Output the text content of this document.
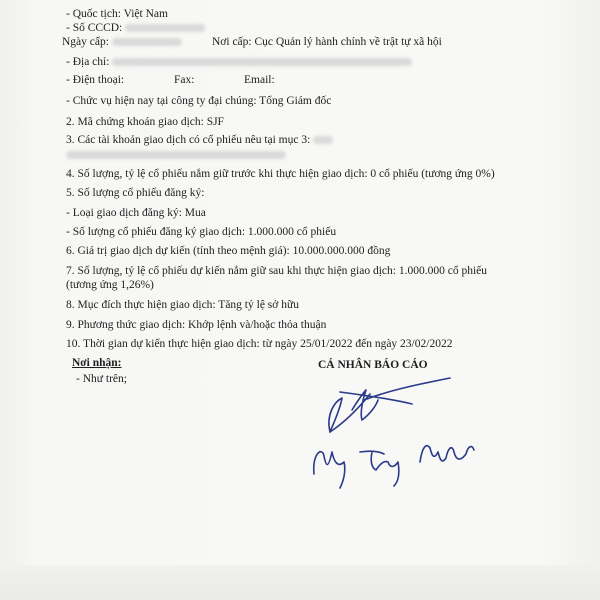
- Quốc tịch: Việt Nam
- Số CCCD:
Ngày cấp:	Nơi cấp: Cục Quản lý hành chính về trật tự xã hội
- Địa chỉ:
- Điện thoại:	Fax:	Email:
- Chức vụ hiện nay tại công ty đại chúng: Tổng Giám đốc
2. Mã chứng khoán giao dịch: SJF
3. Các tài khoản giao dịch có cổ phiếu nêu tại mục 3:
4. Số lượng, tỷ lệ cổ phiếu nắm giữ trước khi thực hiện giao dịch: 0 cổ phiếu (tương ứng 0%)
5. Số lượng cổ phiếu đăng ký:
- Loại giao dịch đăng ký: Mua
- Số lượng cổ phiếu đăng ký giao dịch: 1.000.000 cổ phiếu
6. Giá trị giao dịch dự kiến (tính theo mệnh giá): 10.000.000.000 đồng
7. Số lượng, tỷ lệ cổ phiếu dự kiến nắm giữ sau khi thực hiện giao dịch: 1.000.000 cổ phiếu
(tương ứng 1,26%)
8. Mục đích thực hiện giao dịch: Tăng tỷ lệ sở hữu
9. Phương thức giao dịch: Khớp lệnh và/hoặc thỏa thuận
10. Thời gian dự kiến thực hiện giao dịch: từ ngày 25/01/2022 đến ngày 23/02/2022
Nơi nhận:
- Như trên;
CÁ NHÂN BÁO CÁO
